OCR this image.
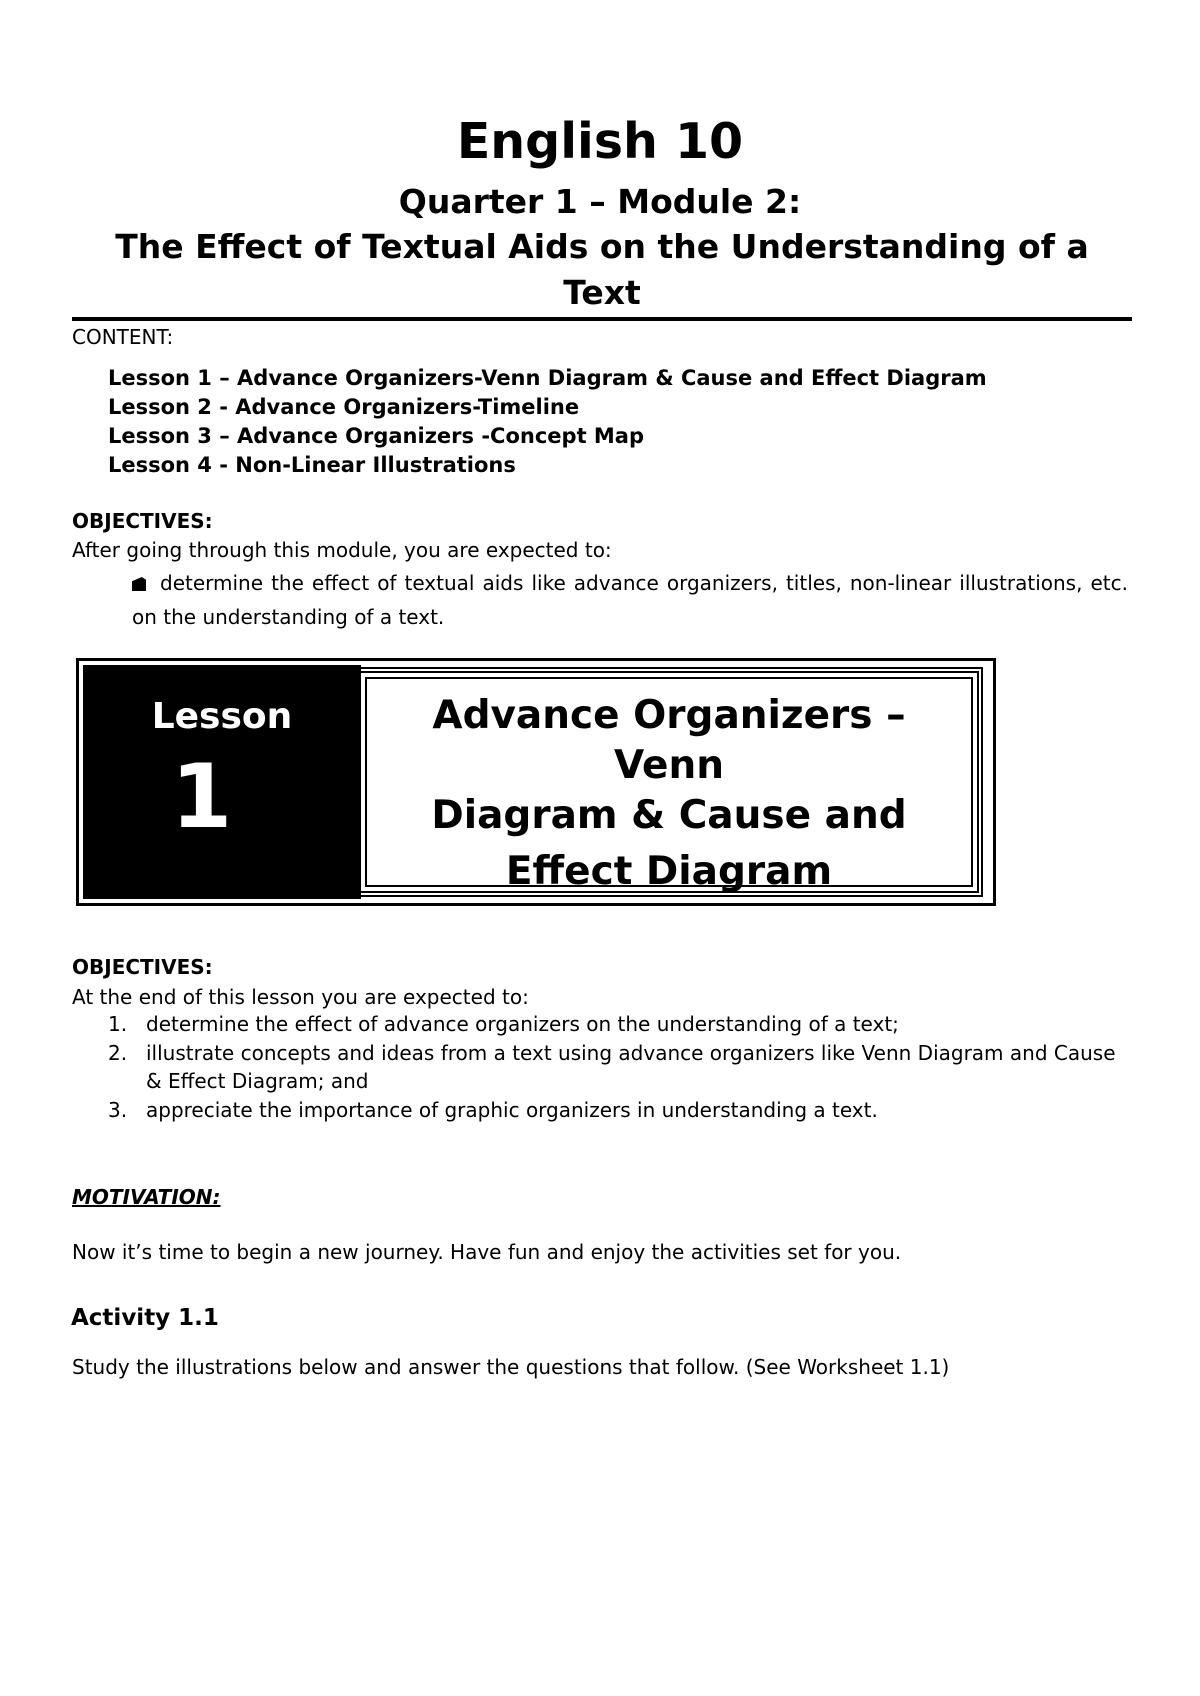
English 10
Quarter 1 – Module 2:
The Effect of Textual Aids on the Understanding of a Text
CONTENT:
Lesson 1 – Advance Organizers-Venn Diagram & Cause and Effect Diagram
Lesson 2 - Advance Organizers-Timeline
Lesson 3 – Advance Organizers -Concept Map
Lesson 4 - Non-Linear Illustrations
OBJECTIVES:
After going through this module, you are expected to:
determine the effect of textual aids like advance organizers, titles, non-linear illustrations, etc. on the understanding of a text.
Lesson
1
Advance Organizers –
Venn
Diagram & Cause and
Effect Diagram
OBJECTIVES:
At the end of this lesson you are expected to:
1. determine the effect of advance organizers on the understanding of a text;
2. illustrate concepts and ideas from a text using advance organizers like Venn Diagram and Cause & Effect Diagram; and
3. appreciate the importance of graphic organizers in understanding a text.
MOTIVATION:
Now it’s time to begin a new journey. Have fun and enjoy the activities set for you.
Activity 1.1
Study the illustrations below and answer the questions that follow. (See Worksheet 1.1)
